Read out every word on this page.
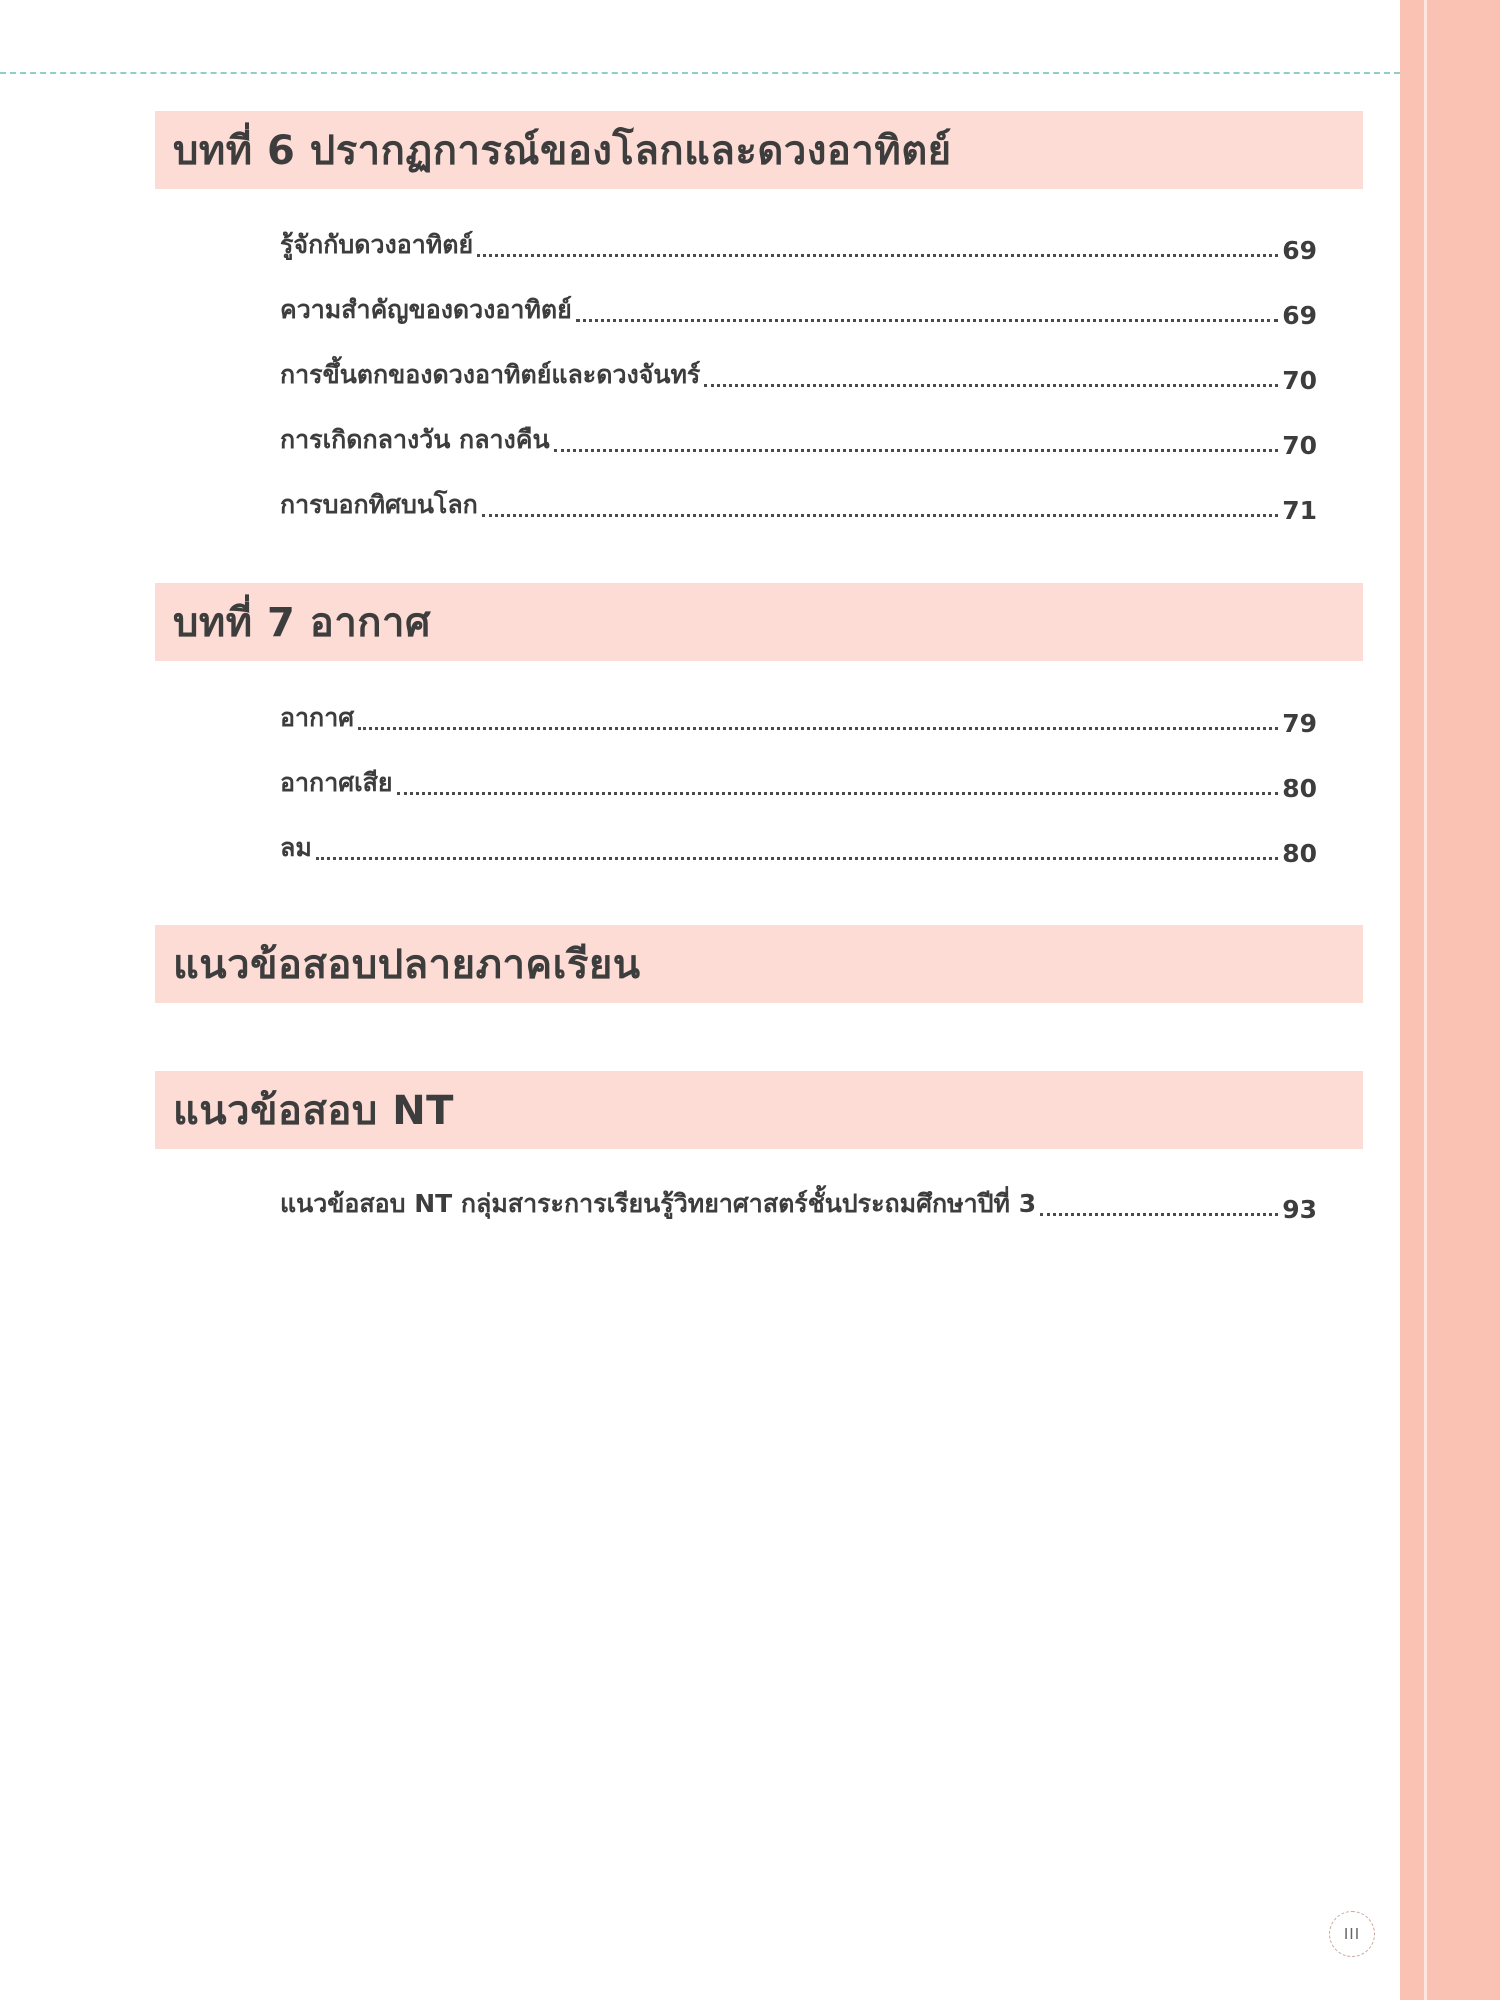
บทที่ 6 ปรากฏการณ์ของโลกและดวงอาทิตย์
รู้จักกับดวงอาทิตย์	69
ความสำคัญของดวงอาทิตย์	69
การขึ้นตกของดวงอาทิตย์และดวงจันทร์	70
การเกิดกลางวัน กลางคืน	70
การบอกทิศบนโลก	71
บทที่ 7 อากาศ
อากาศ	79
อากาศเสีย	80
ลม	80
แนวข้อสอบปลายภาคเรียน
แนวข้อสอบ NT
แนวข้อสอบ NT กลุ่มสาระการเรียนรู้วิทยาศาสตร์ชั้นประถมศึกษาปีที่ 3	93
III
